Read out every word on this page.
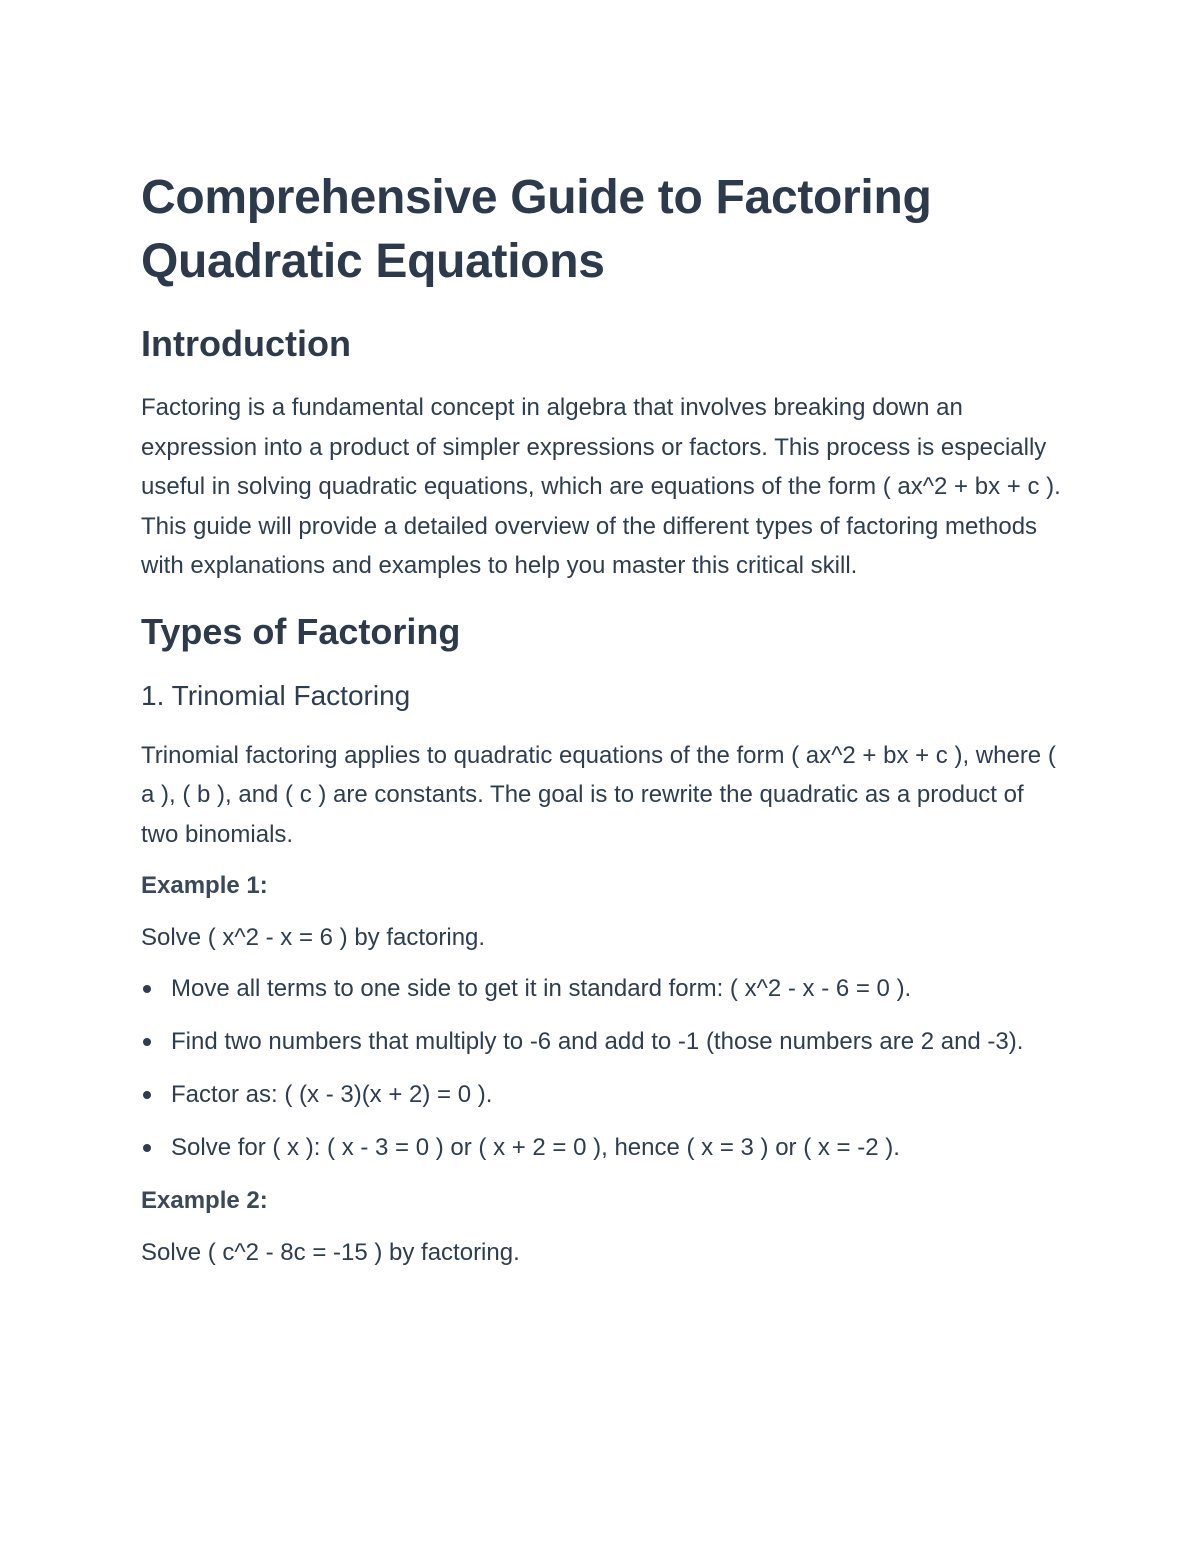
Comprehensive Guide to Factoring Quadratic Equations
Introduction

Factoring is a fundamental concept in algebra that involves breaking down an expression into a product of simpler expressions or factors. This process is especially useful in solving quadratic equations, which are equations of the form ( ax^2 + bx + c ). This guide will provide a detailed overview of the different types of factoring methods with explanations and examples to help you master this critical skill.

Types of Factoring
1. Trinomial Factoring

Trinomial factoring applies to quadratic equations of the form ( ax^2 + bx + c ), where ( a ), ( b ), and ( c ) are constants. The goal is to rewrite the quadratic as a product of two binomials.

Example 1:

Solve ( x^2 - x = 6 ) by factoring.

Move all terms to one side to get it in standard form: ( x^2 - x - 6 = 0 ).
Find two numbers that multiply to -6 and add to -1 (those numbers are 2 and -3).
Factor as: ( (x - 3)(x + 2) = 0 ).
Solve for ( x ): ( x - 3 = 0 ) or ( x + 2 = 0 ), hence ( x = 3 ) or ( x = -2 ).

Example 2:

Solve ( c^2 - 8c = -15 ) by factoring.
